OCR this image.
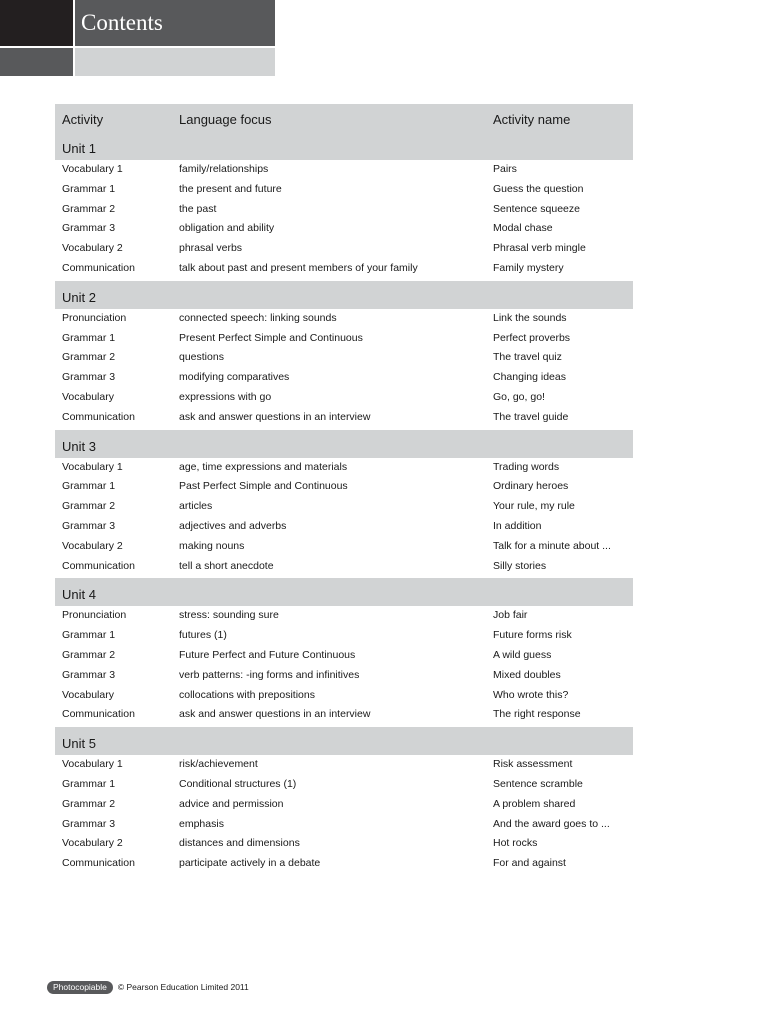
Contents
Activity	Language focus	Activity name
Unit 1
Vocabulary 1	family/relationships	Pairs
Grammar 1	the present and future	Guess the question
Grammar 2	the past	Sentence squeeze
Grammar 3	obligation and ability	Modal chase
Vocabulary 2	phrasal verbs	Phrasal verb mingle
Communication	talk about past and present members of your family	Family mystery
Unit 2
Pronunciation	connected speech: linking sounds	Link the sounds
Grammar 1	Present Perfect Simple and Continuous	Perfect proverbs
Grammar 2	questions	The travel quiz
Grammar 3	modifying comparatives	Changing ideas
Vocabulary	expressions with go	Go, go, go!
Communication	ask and answer questions in an interview	The travel guide
Unit 3
Vocabulary 1	age, time expressions and materials	Trading words
Grammar 1	Past Perfect Simple and Continuous	Ordinary heroes
Grammar 2	articles	Your rule, my rule
Grammar 3	adjectives and adverbs	In addition
Vocabulary 2	making nouns	Talk for a minute about ...
Communication	tell a short anecdote	Silly stories
Unit 4
Pronunciation	stress: sounding sure	Job fair
Grammar 1	futures (1)	Future forms risk
Grammar 2	Future Perfect and Future Continuous	A wild guess
Grammar 3	verb patterns: -ing forms and infinitives	Mixed doubles
Vocabulary	collocations with prepositions	Who wrote this?
Communication	ask and answer questions in an interview	The right response
Unit 5
Vocabulary 1	risk/achievement	Risk assessment
Grammar 1	Conditional structures (1)	Sentence scramble
Grammar 2	advice and permission	A problem shared
Grammar 3	emphasis	And the award goes to ...
Vocabulary 2	distances and dimensions	Hot rocks
Communication	participate actively in a debate	For and against
Photocopiable	© Pearson Education Limited 2011
